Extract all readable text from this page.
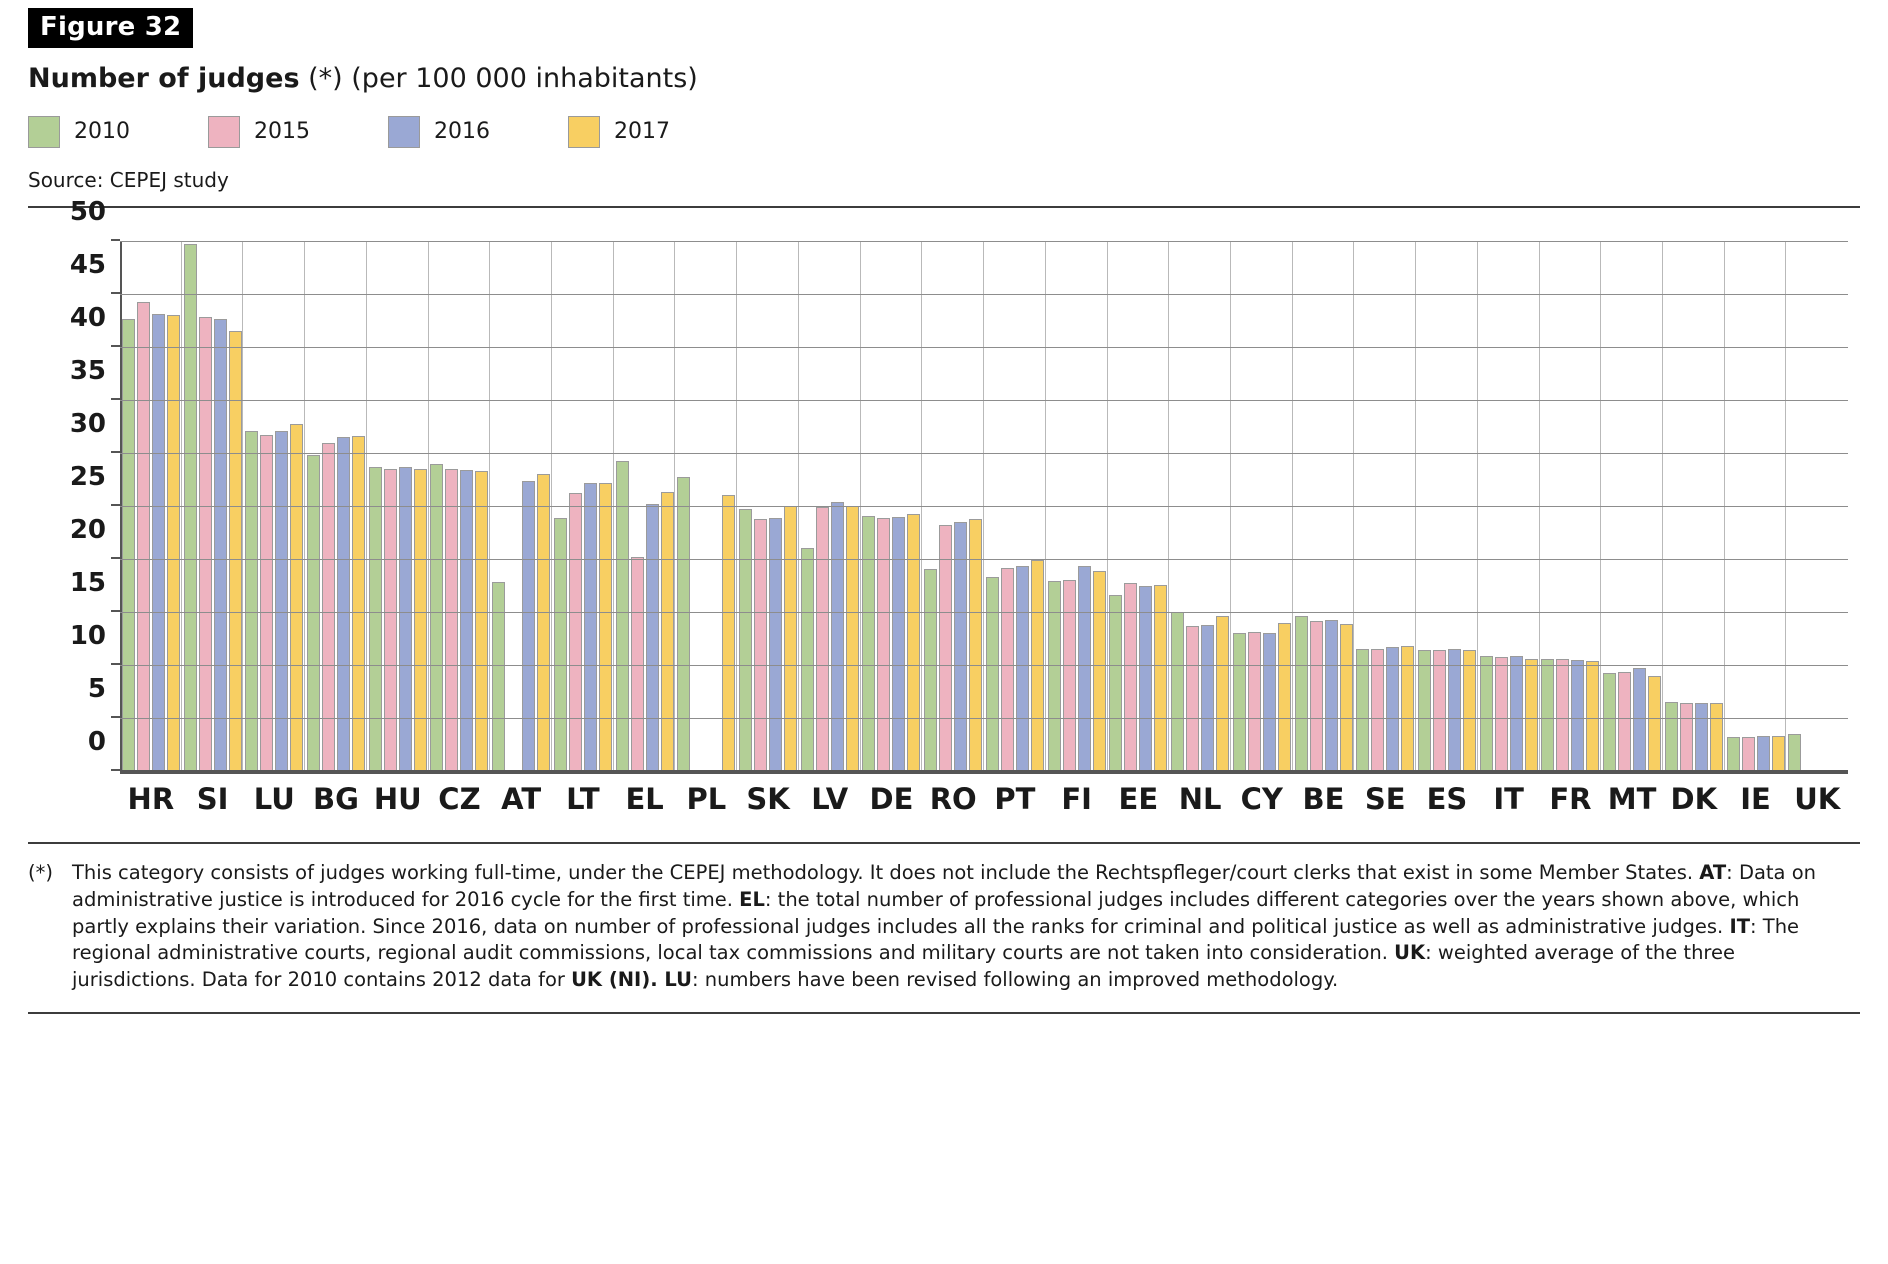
Figure 32
Number of judges (*) (per 100 000 inhabitants)
2010	2015	2016	2017
Source: CEPEJ study
0
5
10
15
20
25
30
35
40
45
50
HR SI LU BG HU CZ AT LT EL PL SK LV DE RO PT FI EE NL CY BE SE ES IT FR MT DK IE UK
(*) This category consists of judges working full-time, under the CEPEJ methodology. It does not include the Rechtspfleger/court clerks that exist in some Member States. AT: Data on administrative justice is introduced for 2016 cycle for the first time. EL: the total number of professional judges includes different categories over the years shown above, which partly explains their variation. Since 2016, data on number of professional judges includes all the ranks for criminal and political justice as well as administrative judges. IT: The regional administrative courts, regional audit commissions, local tax commissions and military courts are not taken into consideration. UK: weighted average of the three jurisdictions. Data for 2010 contains 2012 data for UK (NI). LU: numbers have been revised following an improved methodology.
